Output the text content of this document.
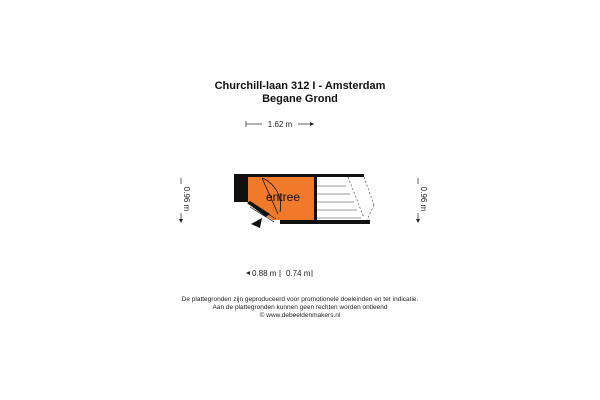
Churchill-laan 312 I - Amsterdam
Begane Grond
1.62 m
0.96 m	0.96 m
0.88 m 0.74 m
entree
De plattegronden zijn geproduceerd voor promotionele doeleinden en ter indicatie.
Aan de plattegronden kunnen geen rechten worden ontleend
© www.debeeldenmakers.nl
